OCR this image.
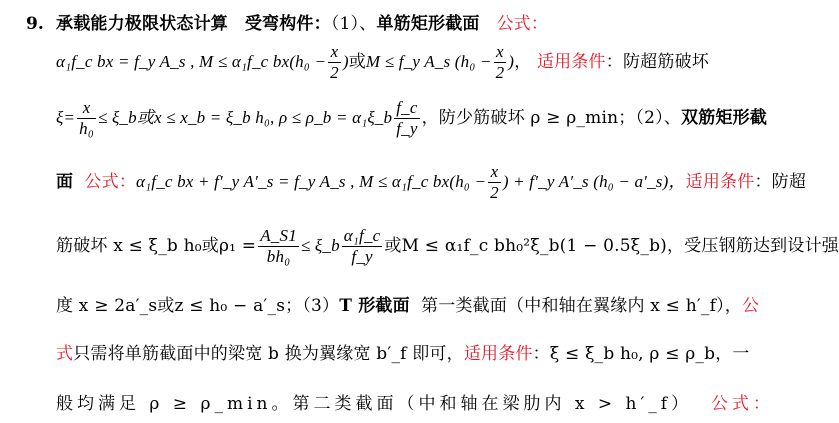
9. 承载能力极限状态计算 受弯构件：（1）、单筋矩形截面 公式：
α₁f_c bx = f_y A_s , M ≤ α₁f_c $bx(h_0 - \frac{x}{2}$ )或M ≤ f_y A_s ($h_0 - \frac{x}{2}$ )， 适用条件：防超筋破坏
$\xi= \frac{x}{\text{h₀}}$ ≤ ξ_b或x ≤ x_b = ξ_b h₀, ρ ≤ ρ_b = α₁ξ_b $\frac{f\_c}{f\_y}$ ，防少筋破坏 ρ ≥ ρ_min；（2）、双筋矩形截
面 公式：α₁f_c bx + f′_y A′_s = f_y A_s , M ≤ α₁f_c $bx(h_0 - \frac{x}{2}$ ) + f′_y A′_s (h₀ − a′_s)，适用条件：防超
筋破坏 x ≤ ξ_b h₀或$\rho_1 = \frac{A\_S1}{\text{bh₀}}$ ≤ ξ_b $\frac{\text{α₁f\_c}}{f\_y}$ 或M ≤ α₁f_c bh₀²ξ_b(1 − 0.5ξ_b)，受压钢筋达到设计强
度 x ≥ 2a′_s或z ≤ h₀ − a′_s；（3）T 形截面 第一类截面（中和轴在翼缘内 x ≤ h′_f），公
式只需将单筋截面中的梁宽 b 换为翼缘宽 b′_f 即可，适用条件：ξ ≤ ξ_b h₀, ρ ≤ ρ_b，一
般均满足 ρ ≥ ρ_min。第二类截面（中和轴在梁肋内 x > h′_f） 公式：
